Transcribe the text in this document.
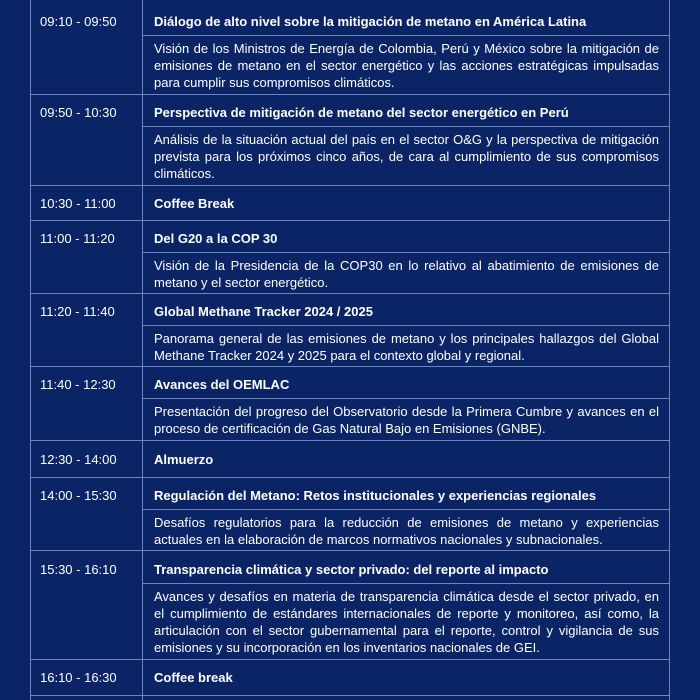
09:10 - 09:50	Diálogo de alto nivel sobre la mitigación de metano en América Latina
Visión de los Ministros de Energía de Colombia, Perú y México sobre la mitigación de emisiones de metano en el sector energético y las acciones estratégicas impulsadas para cumplir sus compromisos climáticos.

09:50 - 10:30	Perspectiva de mitigación de metano del sector energético en Perú
Análisis de la situación actual del país en el sector O&G y la perspectiva de mitigación prevista para los próximos cinco años, de cara al cumplimiento de sus compromisos climáticos.

10:30 - 11:00	Coffee Break

11:00 - 11:20	Del G20 a la COP 30
Visión de la Presidencia de la COP30 en lo relativo al abatimiento de emisiones de metano y el sector energético.

11:20 - 11:40	Global Methane Tracker 2024 / 2025
Panorama general de las emisiones de metano y los principales hallazgos del Global Methane Tracker 2024 y 2025 para el contexto global y regional.

11:40 - 12:30	Avances del OEMLAC
Presentación del progreso del Observatorio desde la Primera Cumbre y avances en el proceso de certificación de Gas Natural Bajo en Emisiones (GNBE).

12:30 - 14:00	Almuerzo

14:00 - 15:30	Regulación del Metano: Retos institucionales y experiencias regionales
Desafíos regulatorios para la reducción de emisiones de metano y experiencias actuales en la elaboración de marcos normativos nacionales y subnacionales.

15:30 - 16:10	Transparencia climática y sector privado: del reporte al impacto
Avances y desafíos en materia de transparencia climática desde el sector privado, en el cumplimiento de estándares internacionales de reporte y monitoreo, así como, la articulación con el sector gubernamental para el reporte, control y vigilancia de sus emisiones y su incorporación en los inventarios nacionales de GEI.

16:10 - 16:30	Coffee break
